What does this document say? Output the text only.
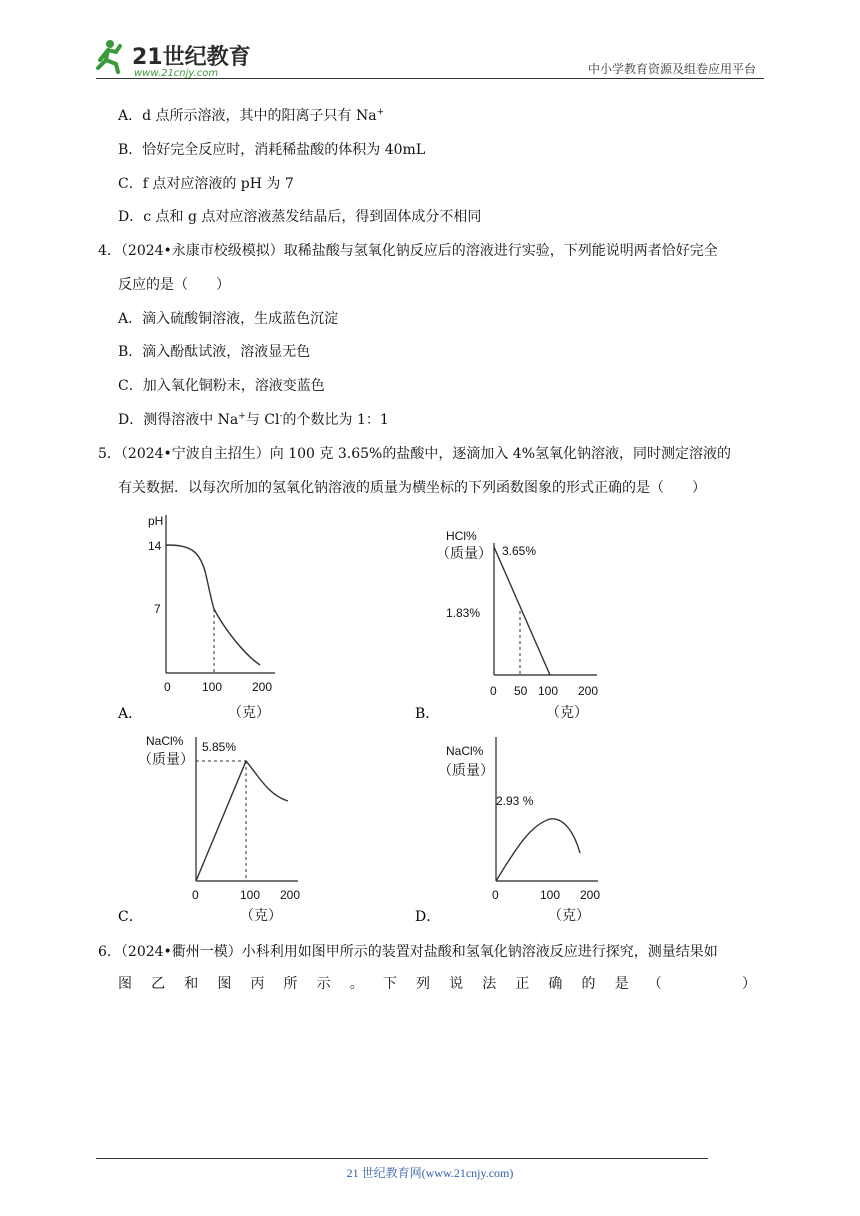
21世纪教育
www.21cnjy.com	中小学教育资源及组卷应用平台
A．d 点所示溶液，其中的阳离子只有 Na+
B．恰好完全反应时，消耗稀盐酸的体积为 40mL
C．f 点对应溶液的 pH 为 7
D．c 点和 g 点对应溶液蒸发结晶后，得到固体成分不相同
4．（2024•永康市校级模拟）取稀盐酸与氢氧化钠反应后的溶液进行实验，下列能说明两者恰好完全
反应的是（　　）
A．滴入硫酸铜溶液，生成蓝色沉淀
B．滴入酚酞试液，溶液显无色
C．加入氧化铜粉末，溶液变蓝色
D．测得溶液中 Na+与 Cl-的个数比为 1：1
5．（2024•宁波自主招生）向 100 克 3.65%的盐酸中，逐滴加入 4%氢氧化钠溶液，同时测定溶液的
有关数据．以每次所加的氢氧化钠溶液的质量为横坐标的下列函数图象的形式正确的是（　　）
pH
14
7
0	100 200
A．	（克）
HCl%
（质量） 3.65%
1.83%
0 50 100 200
B．	（克）
NaCl%
（质量）
5.85%
0	100 200
C．	（克）
NaCl%
（质量）
2.93 %
0	100 200
D．	（克）
6．（2024•衢州一模）小科利用如图甲所示的装置对盐酸和氢氧化钠溶液反应进行探究，测量结果如
图 乙 和 图 丙 所 示 。 下 列 说 法 正 确 的 是 （
　　　	）
21 世纪教育网(www.21cnjy.com)
